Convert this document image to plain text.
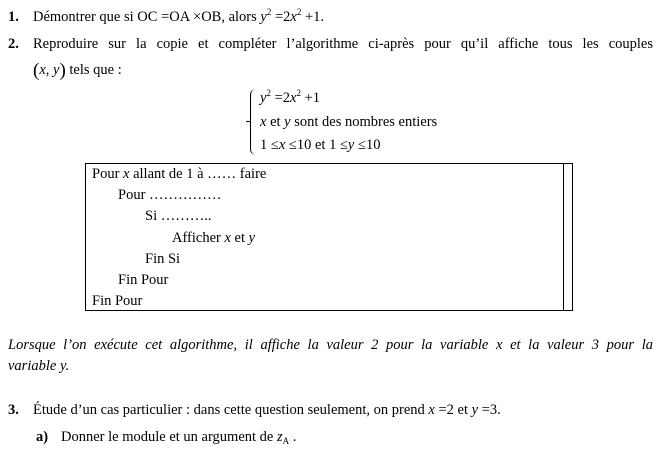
1. Démontrer que si OC =OA ×OB, alors $y^2 =2x^2 +1$.
2. Reproduire sur la copie et compléter l’algorithme ci-après pour qu’il affiche tous les couples
(x, y) tels que :
$y^2 =2x^2 +1$
x et y sont des nombres entiers
1 ≤x ≤10 et 1 ≤y ≤10
Pour x allant de 1 à …… faire
Pour ……………
Si ………..
Afficher x et y
Fin Si
Fin Pour
Fin Pour
Lorsque l’on exécute cet algorithme, il affiche la valeur 2 pour la variable x et la valeur 3 pour la
variable y.
3. Étude d’un cas particulier : dans cette question seulement, on prend x =2 et y =3.
a) Donner le module et un argument de $z_A$ .
